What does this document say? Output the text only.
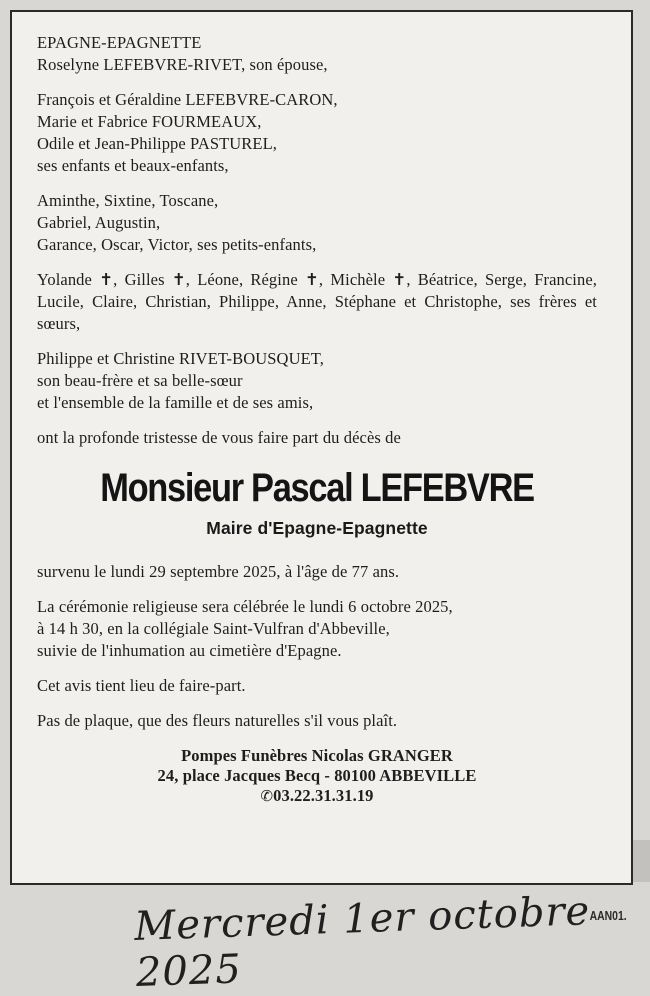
EPAGNE-EPAGNETTE

Roselyne LEFEBVRE-RIVET, son épouse,

François et Géraldine LEFEBVRE-CARON,

Marie et Fabrice FOURMEAUX,

Odile et Jean-Philippe PASTUREL,

ses enfants et beaux-enfants,

Aminthe, Sixtine, Toscane,

Gabriel, Augustin,

Garance, Oscar, Victor, ses petits-enfants,

Yolande ✝, Gilles ✝, Léone, Régine ✝, Michèle ✝, Béatrice, Serge, Francine, Lucile, Claire, Christian, Philippe, Anne, Stéphane et Christophe, ses frères et sœurs,

Philippe et Christine RIVET-BOUSQUET,

son beau-frère et sa belle-sœur

et l'ensemble de la famille et de ses amis,

ont la profonde tristesse de vous faire part du décès de

Monsieur Pascal LEFEBVRE
Maire d'Epagne-Epagnette

survenu le lundi 29 septembre 2025, à l'âge de 77 ans.

La cérémonie religieuse sera célébrée le lundi 6 octobre 2025,

à 14 h 30, en la collégiale Saint-Vulfran d'Abbeville,

suivie de l'inhumation au cimetière d'Epagne.

Cet avis tient lieu de faire-part.

Pas de plaque, que des fleurs naturelles s'il vous plaît.

Pompes Funèbres Nicolas GRANGER
24, place Jacques Becq - 80100 ABBEVILLE
✆03.22.31.31.19
Mercredi 1er octobre 2025
AAN01.
